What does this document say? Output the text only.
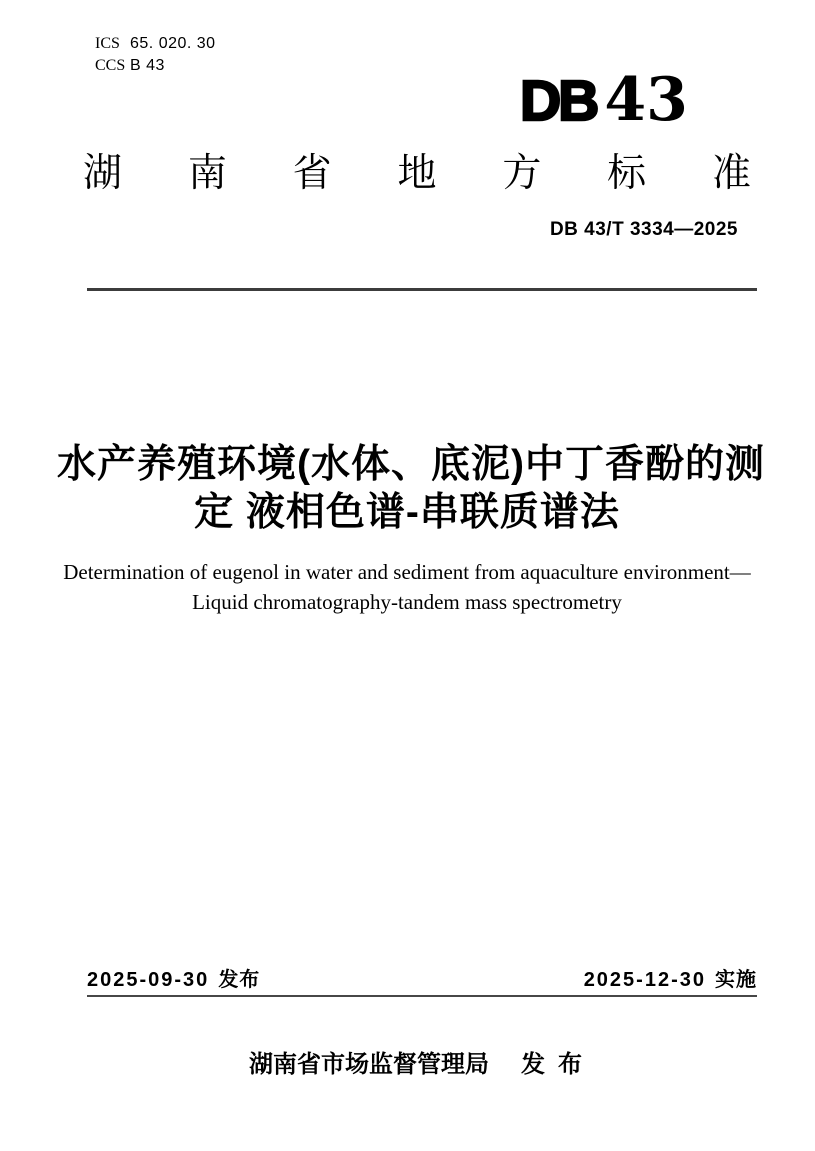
ICS 65. 020. 30
CCS B 43
DB 43
湖 南 省 地 方 标 准
DB 43/T 3334—2025
水产养殖环境(水体、底泥)中丁香酚的测
定 液相色谱-串联质谱法
Determination of eugenol in water and sediment from aquaculture environment—
Liquid chromatography-tandem mass spectrometry
2025-09-30 发布	2025-12-30 实施
湖南省市场监督管理局 发布
